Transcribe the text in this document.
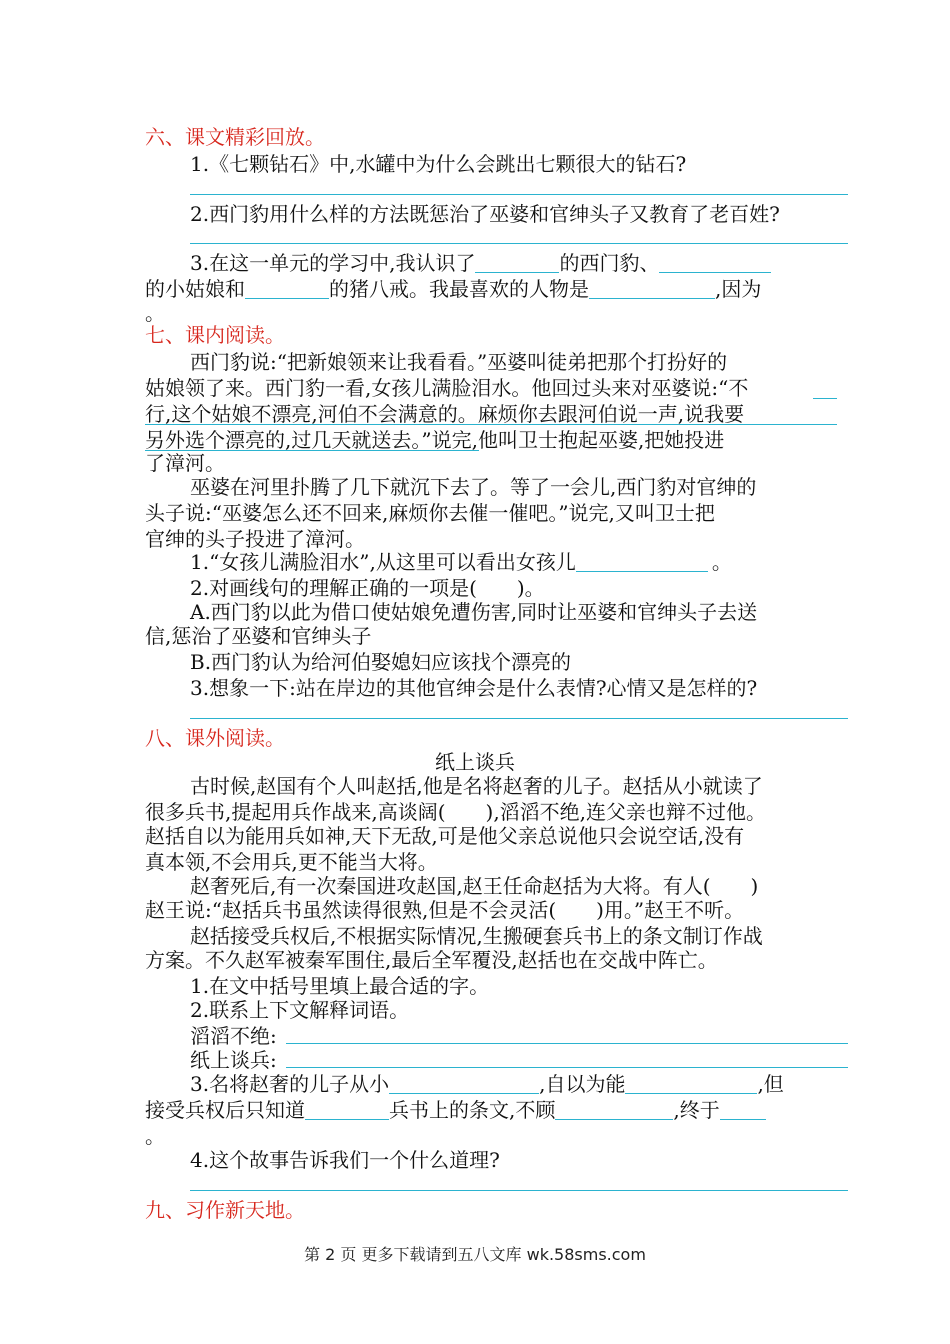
六、课文精彩回放。
1.《七颗钻石》中,水罐中为什么会跳出七颗很大的钻石?
2.西门豹用什么样的方法既惩治了巫婆和官绅头子又教育了老百姓?
3.在这一单元的学习中,我认识了	的西门豹、
的小姑娘和	的猪八戒。我最喜欢的人物是	,因为
。
七、课内阅读。
西门豹说:“把新娘领来让我看看。”巫婆叫徒弟把那个打扮好的
姑娘领了来。西门豹一看,女孩儿满脸泪水。他回过头来对巫婆说:“不
行,这个姑娘不漂亮,河伯不会满意的。麻烦你去跟河伯说一声,说我要
另外选个漂亮的,过几天就送去。”说完,他叫卫士抱起巫婆,把她投进
了漳河。
巫婆在河里扑腾了几下就沉下去了。等了一会儿,西门豹对官绅的
头子说:“巫婆怎么还不回来,麻烦你去催一催吧。”说完,又叫卫士把
官绅的头子投进了漳河。
1.“女孩儿满脸泪水”,从这里可以看出女孩儿	。
2.对画线句的理解正确的一项是(　　)。
A.西门豹以此为借口使姑娘免遭伤害,同时让巫婆和官绅头子去送
信,惩治了巫婆和官绅头子
B.西门豹认为给河伯娶媳妇应该找个漂亮的
3.想象一下:站在岸边的其他官绅会是什么表情?心情又是怎样的?
八、课外阅读。
纸上谈兵
古时候,赵国有个人叫赵括,他是名将赵奢的儿子。赵括从小就读了
很多兵书,提起用兵作战来,高谈阔(　　),滔滔不绝,连父亲也辩不过他。
赵括自以为能用兵如神,天下无敌,可是他父亲总说他只会说空话,没有
真本领,不会用兵,更不能当大将。
赵奢死后,有一次秦国进攻赵国,赵王任命赵括为大将。有人(　　)
赵王说:“赵括兵书虽然读得很熟,但是不会灵活(　　)用。”赵王不听。
赵括接受兵权后,不根据实际情况,生搬硬套兵书上的条文制订作战
方案。不久赵军被秦军围住,最后全军覆没,赵括也在交战中阵亡。
1.在文中括号里填上最合适的字。
2.联系上下文解释词语。
滔滔不绝:
纸上谈兵:
3.名将赵奢的儿子从小	,自以为能	,但
接受兵权后只知道	兵书上的条文,不顾	,终于
。
4.这个故事告诉我们一个什么道理?
九、习作新天地。
第 2 页 更多下载请到五八文库 wk.58sms.com
